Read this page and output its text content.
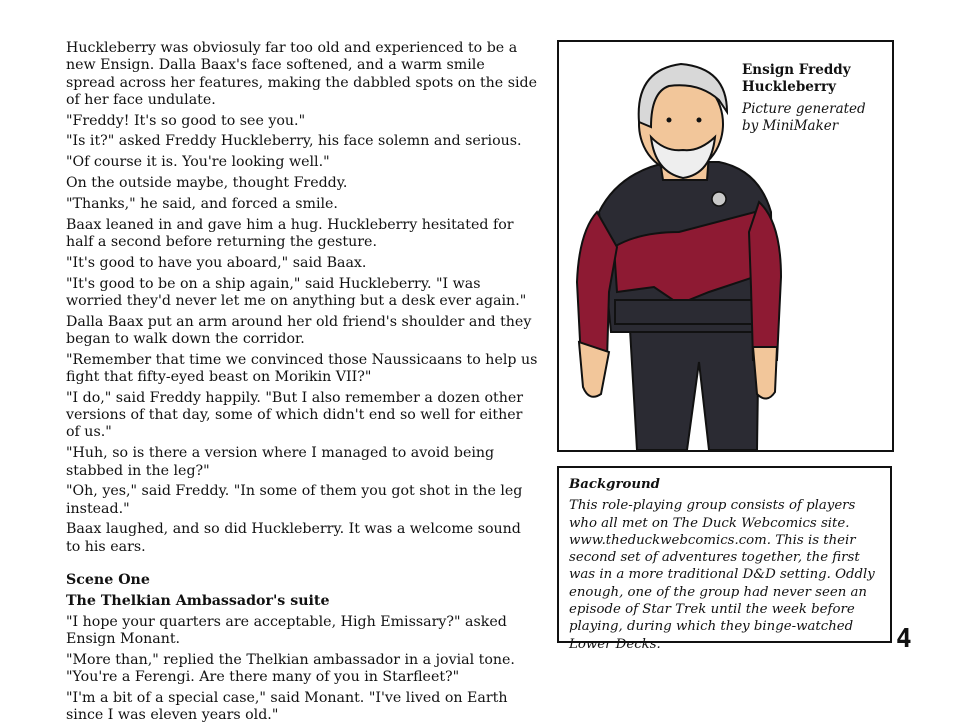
Huckleberry was obviosuly far too old and experienced to be a new Ensign. Dalla Baax's face softened, and a warm smile spread across her features, making the dabbled spots on the side of her face undulate.

"Freddy! It's so good to see you."

"Is it?" asked Freddy Huckleberry, his face solemn and serious.

"Of course it is. You're looking well."

On the outside maybe, thought Freddy.

"Thanks," he said, and forced a smile.

Baax leaned in and gave him a hug. Huckleberry hesitated for half a second before returning the gesture.

"It's good to have you aboard," said Baax.

"It's good to be on a ship again," said Huckleberry. "I was worried they'd never let me on anything but a desk ever again."

Dalla Baax put an arm around her old friend's shoulder and they began to walk down the corridor.

"Remember that time we convinced those Naussicaans to help us fight that fifty-eyed beast on Morikin VII?"

"I do," said Freddy happily. "But I also remember a dozen other versions of that day, some of which didn't end so well for either of us."

"Huh, so is there a version where I managed to avoid being stabbed in the leg?"

"Oh, yes," said Freddy. "In some of them you got shot in the leg instead."

Baax laughed, and so did Huckleberry. It was a welcome sound to his ears.

Scene One

The Thelkian Ambassador's suite

"I hope your quarters are acceptable, High Emissary?" asked Ensign Monant.

"More than," replied the Thelkian ambassador in a jovial tone. "You're a Ferengi. Are there many of you in Starfleet?"

"I'm a bit of a special case," said Monant. "I've lived on Earth since I was eleven years old."

Ensign Freddy Huckleberry

Picture generated by MiniMaker

Background

This role-playing group consists of players who all met on The Duck Webcomics site. www.theduckwebcomics.com. This is their second set of adventures together, the first was in a more traditional D&D setting. Oddly enough, one of the group had never seen an episode of Star Trek until the week before playing, during which they binge-watched Lower Decks.	4
